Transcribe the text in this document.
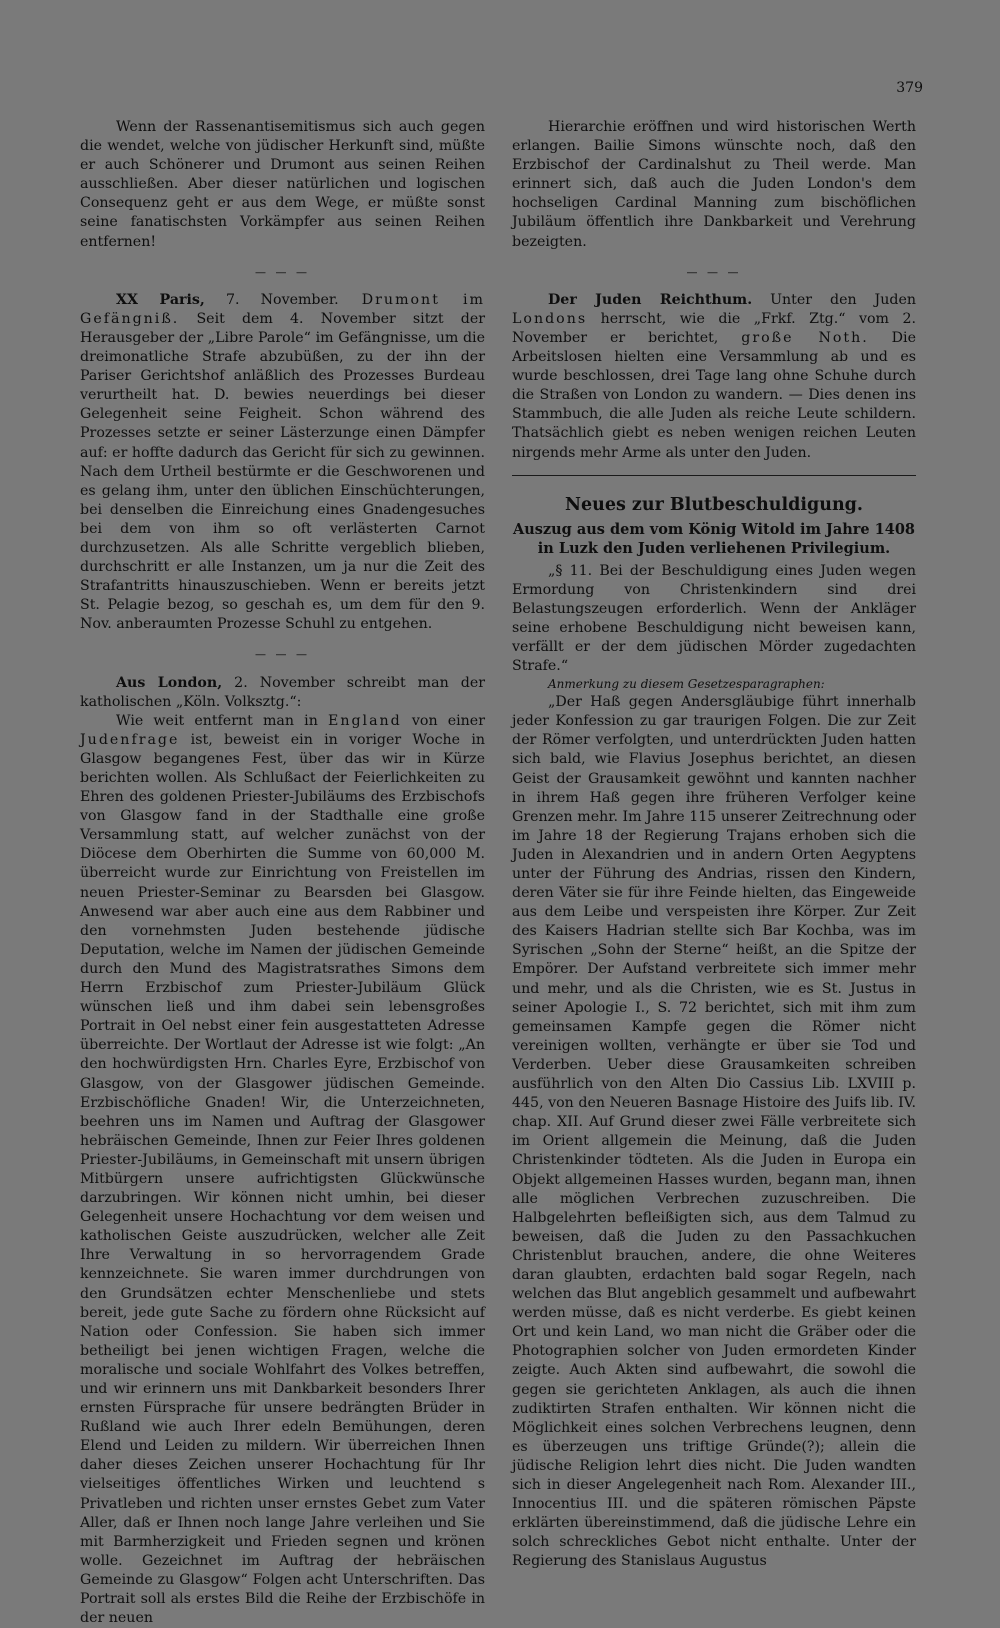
379

Wenn der Rassenantisemitismus sich auch gegen die wendet, welche von jüdischer Herkunft sind, müßte er auch Schönerer und Drumont aus seinen Reihen ausschließen. Aber dieser natürlichen und logischen Consequenz geht er aus dem Wege, er müßte sonst seine fanatischsten Vorkämpfer aus seinen Reihen entfernen!

— — —

XX Paris, 7. November. Drumont im Gefängniß. Seit dem 4. November sitzt der Herausgeber der „Libre Parole“ im Gefängnisse, um die dreimonatliche Strafe abzubüßen, zu der ihn der Pariser Gerichtshof anläßlich des Prozesses Burdeau verurtheilt hat. D. bewies neuerdings bei dieser Gelegenheit seine Feigheit. Schon während des Prozesses setzte er seiner Lästerzunge einen Dämpfer auf: er hoffte dadurch das Gericht für sich zu gewinnen. Nach dem Urtheil bestürmte er die Geschworenen und es gelang ihm, unter den üblichen Einschüchterungen, bei denselben die Einreichung eines Gnadengesuches bei dem von ihm so oft verlästerten Carnot durchzusetzen. Als alle Schritte vergeblich blieben, durchschritt er alle Instanzen, um ja nur die Zeit des Strafantritts hinauszuschieben. Wenn er bereits jetzt St. Pelagie bezog, so geschah es, um dem für den 9. Nov. anberaumten Prozesse Schuhl zu entgehen.

— — —

Aus London, 2. November schreibt man der katholischen „Köln. Volksztg.“:

Wie weit entfernt man in England von einer Judenfrage ist, beweist ein in voriger Woche in Glasgow begangenes Fest, über das wir in Kürze berichten wollen. Als Schlußact der Feierlichkeiten zu Ehren des goldenen Priester-Jubiläums des Erzbischofs von Glasgow fand in der Stadthalle eine große Versammlung statt, auf welcher zunächst von der Diöcese dem Oberhirten die Summe von 60,000 M. überreicht wurde zur Einrichtung von Freistellen im neuen Priester-Seminar zu Bearsden bei Glasgow. Anwesend war aber auch eine aus dem Rabbiner und den vornehmsten Juden bestehende jüdische Deputation, welche im Namen der jüdischen Gemeinde durch den Mund des Magistratsrathes Simons dem Herrn Erzbischof zum Priester-Jubiläum Glück wünschen ließ und ihm dabei sein lebensgroßes Portrait in Oel nebst einer fein ausgestatteten Adresse überreichte. Der Wortlaut der Adresse ist wie folgt: „An den hochwürdigsten Hrn. Charles Eyre, Erzbischof von Glasgow, von der Glasgower jüdischen Gemeinde. Erzbischöfliche Gnaden! Wir, die Unterzeichneten, beehren uns im Namen und Auftrag der Glasgower hebräischen Gemeinde, Ihnen zur Feier Ihres goldenen Priester-Jubiläums, in Gemeinschaft mit unsern übrigen Mitbürgern unsere aufrichtigsten Glückwünsche darzubringen. Wir können nicht umhin, bei dieser Gelegenheit unsere Hochachtung vor dem weisen und katholischen Geiste auszudrücken, welcher alle Zeit Ihre Verwaltung in so hervorragendem Grade kennzeichnete. Sie waren immer durchdrungen von den Grundsätzen echter Menschenliebe und stets bereit, jede gute Sache zu fördern ohne Rücksicht auf Nation oder Confession. Sie haben sich immer betheiligt bei jenen wichtigen Fragen, welche die moralische und sociale Wohlfahrt des Volkes betreffen, und wir erinnern uns mit Dankbarkeit besonders Ihrer ernsten Fürsprache für unsere bedrängten Brüder in Rußland wie auch Ihrer edeln Bemühungen, deren Elend und Leiden zu mildern. Wir überreichen Ihnen daher dieses Zeichen unserer Hochachtung für Ihr vielseitiges öffentliches Wirken und leuchtend s Privatleben und richten unser ernstes Gebet zum Vater Aller, daß er Ihnen noch lange Jahre verleihen und Sie mit Barmherzigkeit und Frieden segnen und krönen wolle. Gezeichnet im Auftrag der hebräischen Gemeinde zu Glasgow“ Folgen acht Unterschriften. Das Portrait soll als erstes Bild die Reihe der Erzbischöfe in der neuen

Hierarchie eröffnen und wird historischen Werth erlangen. Bailie Simons wünschte noch, daß den Erzbischof der Cardinalshut zu Theil werde. Man erinnert sich, daß auch die Juden London's dem hochseligen Cardinal Manning zum bischöflichen Jubiläum öffentlich ihre Dankbarkeit und Verehrung bezeigten.

— — —

Der Juden Reichthum. Unter den Juden Londons herrscht, wie die „Frkf. Ztg.“ vom 2. November er berichtet, große Noth. Die Arbeitslosen hielten eine Versammlung ab und es wurde beschlossen, drei Tage lang ohne Schuhe durch die Straßen von London zu wandern. — Dies denen ins Stammbuch, die alle Juden als reiche Leute schildern. Thatsächlich giebt es neben wenigen reichen Leuten nirgends mehr Arme als unter den Juden.

Neues zur Blutbeschuldigung.

Auszug aus dem vom König Witold im Jahre 1408 in Luzk den Juden verliehenen Privilegium.

„§ 11. Bei der Beschuldigung eines Juden wegen Ermordung von Christenkindern sind drei Belastungszeugen erforderlich. Wenn der Ankläger seine erhobene Beschuldigung nicht beweisen kann, verfällt er der dem jüdischen Mörder zugedachten Strafe.“

Anmerkung zu diesem Gesetzesparagraphen:

„Der Haß gegen Andersgläubige führt innerhalb jeder Konfession zu gar traurigen Folgen. Die zur Zeit der Römer verfolgten, und unterdrückten Juden hatten sich bald, wie Flavius Josephus berichtet, an diesen Geist der Grausamkeit gewöhnt und kannten nachher in ihrem Haß gegen ihre früheren Verfolger keine Grenzen mehr. Im Jahre 115 unserer Zeitrechnung oder im Jahre 18 der Regierung Trajans erhoben sich die Juden in Alexandrien und in andern Orten Aegyptens unter der Führung des Andrias, rissen den Kindern, deren Väter sie für ihre Feinde hielten, das Eingeweide aus dem Leibe und verspeisten ihre Körper. Zur Zeit des Kaisers Hadrian stellte sich Bar Kochba, was im Syrischen „Sohn der Sterne“ heißt, an die Spitze der Empörer. Der Aufstand verbreitete sich immer mehr und mehr, und als die Christen, wie es St. Justus in seiner Apologie I., S. 72 berichtet, sich mit ihm zum gemeinsamen Kampfe gegen die Römer nicht vereinigen wollten, verhängte er über sie Tod und Verderben. Ueber diese Grausamkeiten schreiben ausführlich von den Alten Dio Cassius Lib. LXVIII p. 445, von den Neueren Basnage Histoire des Juifs lib. IV. chap. XII. Auf Grund dieser zwei Fälle verbreitete sich im Orient allgemein die Meinung, daß die Juden Christenkinder tödteten. Als die Juden in Europa ein Objekt allgemeinen Hasses wurden, begann man, ihnen alle möglichen Verbrechen zuzuschreiben. Die Halbgelehrten befleißigten sich, aus dem Talmud zu beweisen, daß die Juden zu den Passachkuchen Christenblut brauchen, andere, die ohne Weiteres daran glaubten, erdachten bald sogar Regeln, nach welchen das Blut angeblich gesammelt und aufbewahrt werden müsse, daß es nicht verderbe. Es giebt keinen Ort und kein Land, wo man nicht die Gräber oder die Photographien solcher von Juden ermordeten Kinder zeigte. Auch Akten sind aufbewahrt, die sowohl die gegen sie gerichteten Anklagen, als auch die ihnen zudiktirten Strafen enthalten. Wir können nicht die Möglichkeit eines solchen Verbrechens leugnen, denn es überzeugen uns triftige Gründe(?); allein die jüdische Religion lehrt dies nicht. Die Juden wandten sich in dieser Angelegenheit nach Rom. Alexander III., Innocentius III. und die späteren römischen Päpste erklärten übereinstimmend, daß die jüdische Lehre ein solch schreckliches Gebot nicht enthalte. Unter der Regierung des Stanislaus Augustus
